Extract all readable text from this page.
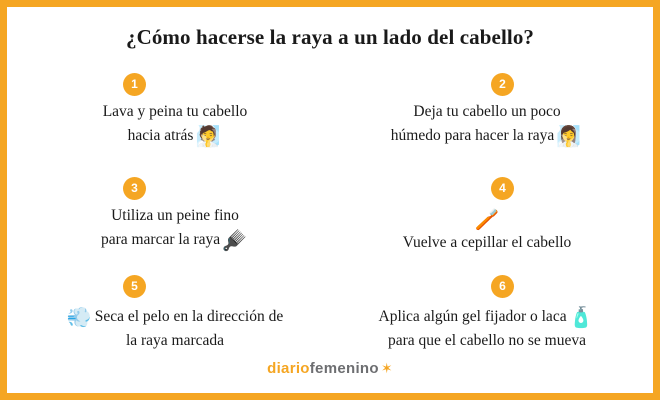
¿Cómo hacerse la raya a un lado del cabello?
1
Lava y peina tu cabello
hacia atrás 🧖
2
Deja tu cabello un poco
húmedo para hacer la raya 🧖‍♀️
3
Utiliza un peine fino
para marcar la raya 🪮
4
🪥
Vuelve a cepillar el cabello
5
💨 Seca el pelo en la dirección de
la raya marcada
6
Aplica algún gel fijador o laca 🧴
para que el cabello no se mueva
diariofemenino ✶
